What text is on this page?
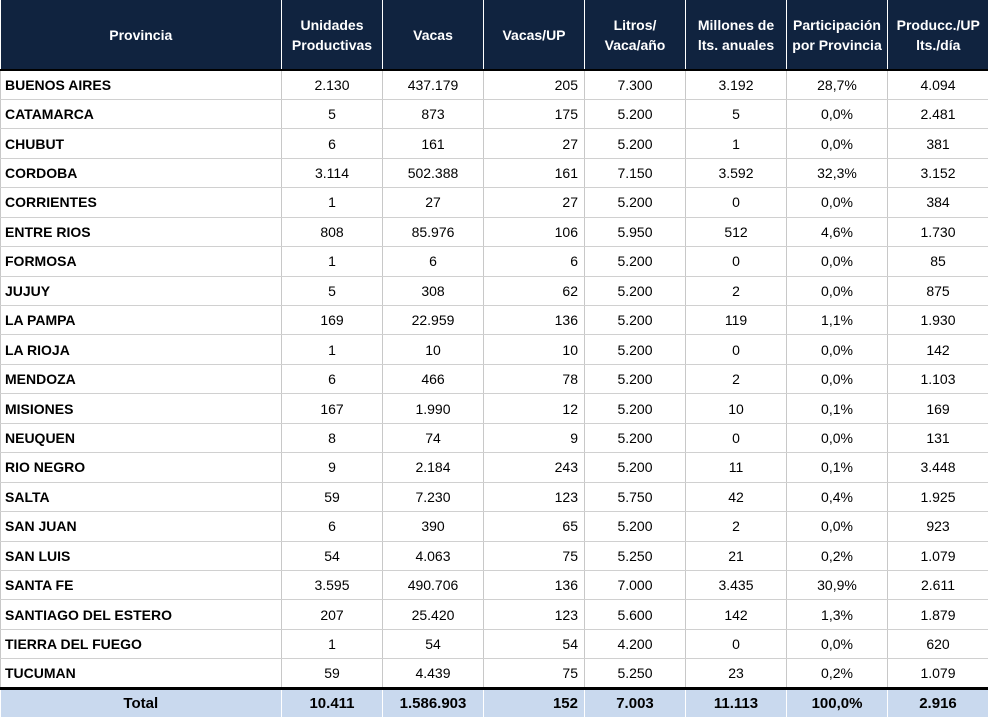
Provincia	Unidades Productivas	Vacas	Vacas/UP	Litros/ Vaca/año	Millones de lts. anuales	Participación por Provincia	Producc./UP lts./día
BUENOS AIRES	2.130	437.179	205	7.300	3.192	28,7%	4.094
CATAMARCA	5	873	175	5.200	5	0,0%	2.481
CHUBUT	6	161	27	5.200	1	0,0%	381
CORDOBA	3.114	502.388	161	7.150	3.592	32,3%	3.152
CORRIENTES	1	27	27	5.200	0	0,0%	384
ENTRE RIOS	808	85.976	106	5.950	512	4,6%	1.730
FORMOSA	1	6	6	5.200	0	0,0%	85
JUJUY	5	308	62	5.200	2	0,0%	875
LA PAMPA	169	22.959	136	5.200	119	1,1%	1.930
LA RIOJA	1	10	10	5.200	0	0,0%	142
MENDOZA	6	466	78	5.200	2	0,0%	1.103
MISIONES	167	1.990	12	5.200	10	0,1%	169
NEUQUEN	8	74	9	5.200	0	0,0%	131
RIO NEGRO	9	2.184	243	5.200	11	0,1%	3.448
SALTA	59	7.230	123	5.750	42	0,4%	1.925
SAN JUAN	6	390	65	5.200	2	0,0%	923
SAN LUIS	54	4.063	75	5.250	21	0,2%	1.079
SANTA FE	3.595	490.706	136	7.000	3.435	30,9%	2.611
SANTIAGO DEL ESTERO	207	25.420	123	5.600	142	1,3%	1.879
TIERRA DEL FUEGO	1	54	54	4.200	0	0,0%	620
TUCUMAN	59	4.439	75	5.250	23	0,2%	1.079
Total	10.411	1.586.903	152	7.003	11.113	100,0%	2.916
